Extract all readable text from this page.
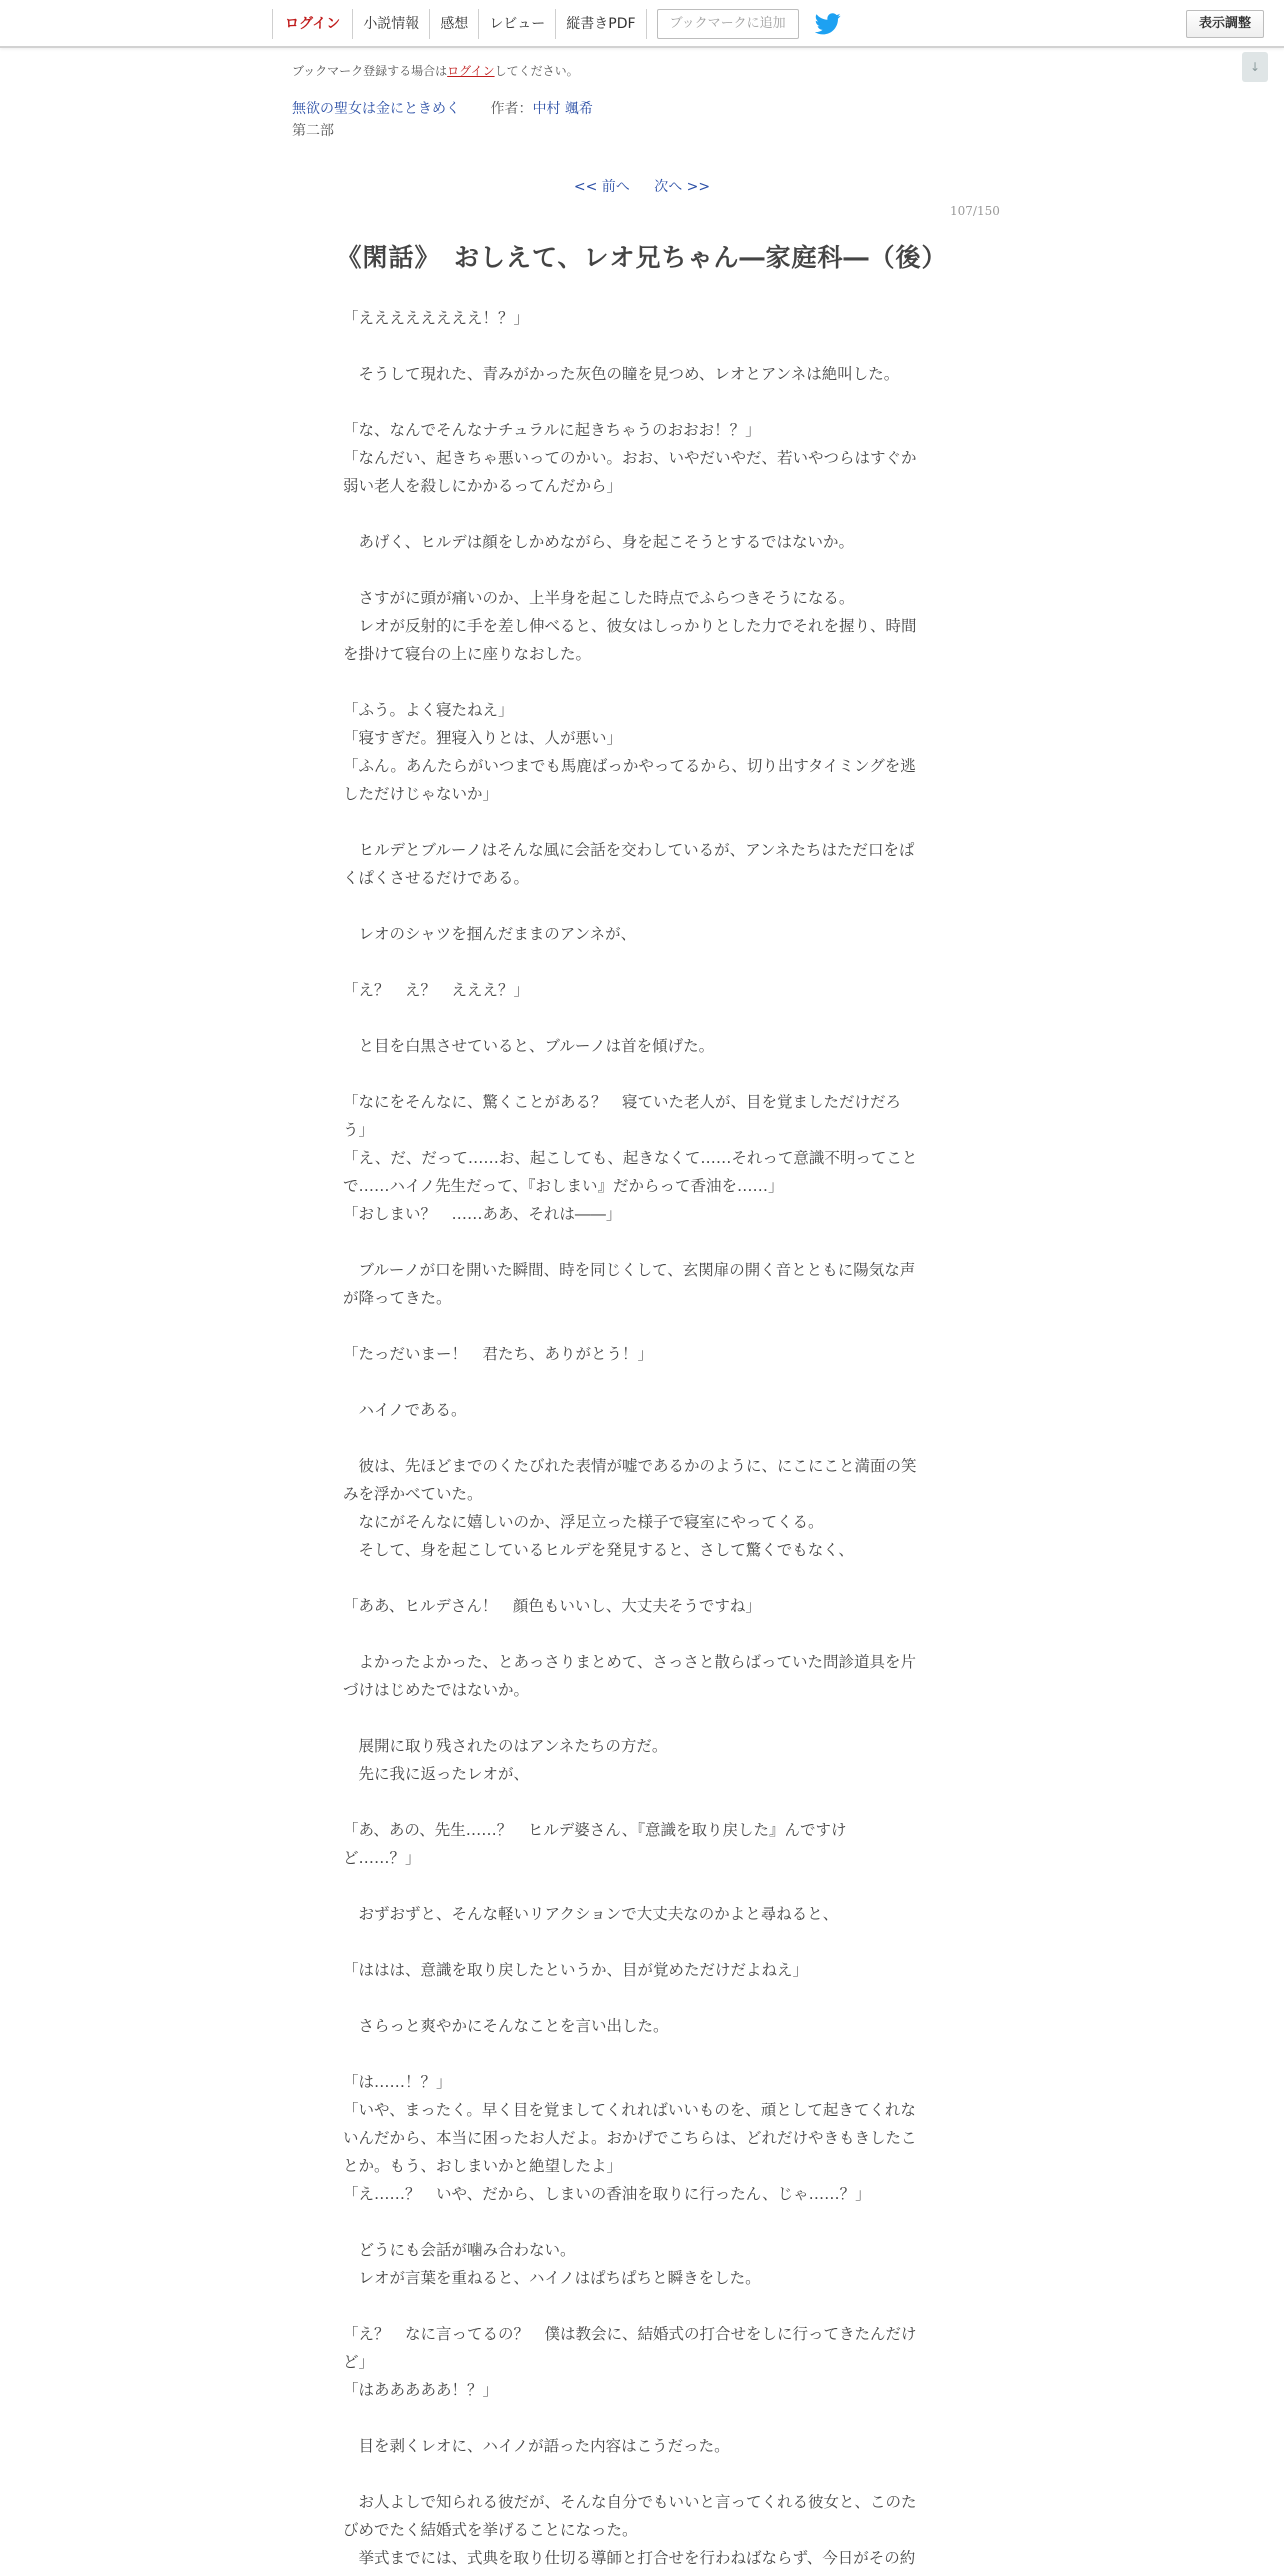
ログイン	小説情報	感想	レビュー	縦書きPDF	ブックマークに追加	表示調整
↓
ブックマーク登録する場合はログインしてください。
無欲の聖女は金にときめく 作者：中村 颯希
第二部
<< 前へ 次へ >>
107/150
《閑話》　おしえて、レオ兄ちゃん―家庭科―（後）

「ええええええええ！？」

　そうして現れた、青みがかった灰色の瞳を見つめ、レオとアンネは絶叫した。

「な、なんでそんなナチュラルに起きちゃうのおおお！？」

「なんだい、起きちゃ悪いってのかい。おお、いやだいやだ、若いやつらはすぐか

弱い老人を殺しにかかるってんだから」

　あげく、ヒルデは顔をしかめながら、身を起こそうとするではないか。

　さすがに頭が痛いのか、上半身を起こした時点でふらつきそうになる。

　レオが反射的に手を差し伸べると、彼女はしっかりとした力でそれを握り、時間

を掛けて寝台の上に座りなおした。

「ふう。よく寝たねえ」

「寝すぎだ。狸寝入りとは、人が悪い」

「ふん。あんたらがいつまでも馬鹿ばっかやってるから、切り出すタイミングを逃

しただけじゃないか」

　ヒルデとブルーノはそんな風に会話を交わしているが、アンネたちはただ口をぱ

くぱくさせるだけである。

　レオのシャツを掴んだままのアンネが、

「え？　え？　えええ？」

　と目を白黒させていると、ブルーノは首を傾げた。

「なにをそんなに、驚くことがある？　寝ていた老人が、目を覚ましただけだろ

う」

「え、だ、だって……お、起こしても、起きなくて……それって意識不明ってこと

で……ハイノ先生だって、『おしまい』だからって香油を……」

「おしまい？　……ああ、それは――」

　ブルーノが口を開いた瞬間、時を同じくして、玄関扉の開く音とともに陽気な声

が降ってきた。

「たっだいまー！　君たち、ありがとう！」

　ハイノである。

　彼は、先ほどまでのくたびれた表情が嘘であるかのように、にこにこと満面の笑

みを浮かべていた。

　なにがそんなに嬉しいのか、浮足立った様子で寝室にやってくる。

　そして、身を起こしているヒルデを発見すると、さして驚くでもなく、

「ああ、ヒルデさん！　顔色もいいし、大丈夫そうですね」

　よかったよかった、とあっさりまとめて、さっさと散らばっていた問診道具を片

づけはじめたではないか。

　展開に取り残されたのはアンネたちの方だ。

　先に我に返ったレオが、

「あ、あの、先生……？　ヒルデ婆さん、『意識を取り戻した』んですけ

ど……？」

　おずおずと、そんな軽いリアクションで大丈夫なのかよと尋ねると、

「ははは、意識を取り戻したというか、目が覚めただけだよねえ」

　さらっと爽やかにそんなことを言い出した。

「は……！？」

「いや、まったく。早く目を覚ましてくれればいいものを、頑として起きてくれな

いんだから、本当に困ったお人だよ。おかげでこちらは、どれだけやきもきしたこ

とか。もう、おしまいかと絶望したよ」

「え……？　いや、だから、しまいの香油を取りに行ったん、じゃ……？」

　どうにも会話が噛み合わない。

　レオが言葉を重ねると、ハイノはぱちぱちと瞬きをした。

「え？　なに言ってるの？　僕は教会に、結婚式の打合せをしに行ってきたんだけ

ど」

「はあああああ！？」

　目を剥くレオに、ハイノが語った内容はこうだった。

　お人よしで知られる彼だが、そんな自分でもいいと言ってくれる彼女と、このた

びめでたく結婚式を挙げることになった。

　挙式までには、式典を取り仕切る導師と打合せを行わねばならず、今日がその約
